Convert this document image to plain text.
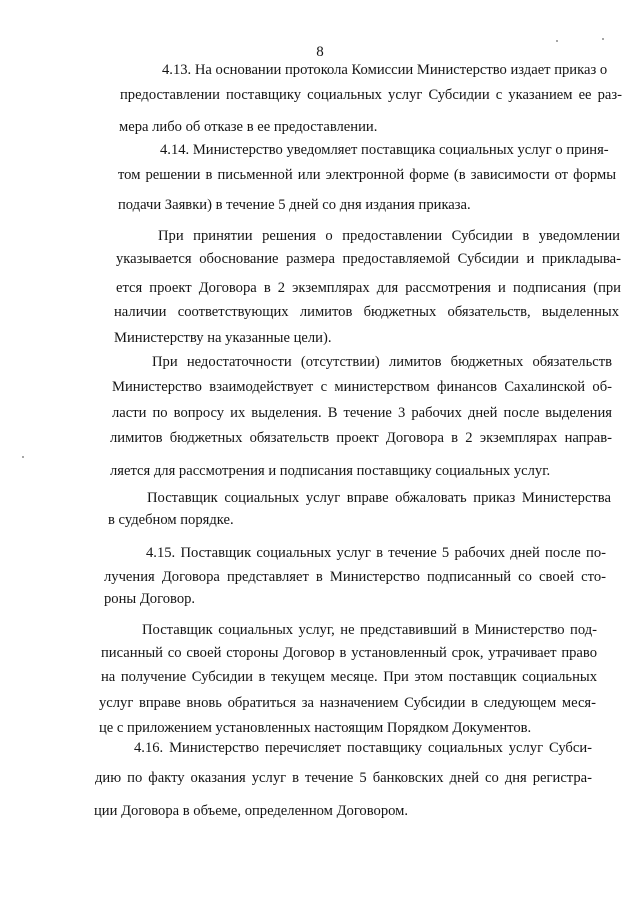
8
4.13. На основании протокола Комиссии Министерство издает приказ о
предоставлении поставщику социальных услуг Субсидии с указанием ее раз-
мера либо об отказе в ее предоставлении.
4.14. Министерство уведомляет поставщика социальных услуг о приня-
том решении в письменной или электронной форме (в зависимости от формы
подачи Заявки) в течение 5 дней со дня издания приказа.
При принятии решения о предоставлении Субсидии в уведомлении
указывается обоснование размера предоставляемой Субсидии и прикладыва-
ется проект Договора в 2 экземплярах для рассмотрения и подписания (при
наличии соответствующих лимитов бюджетных обязательств, выделенных
Министерству на указанные цели).
При недостаточности (отсутствии) лимитов бюджетных обязательств
Министерство взаимодействует с министерством финансов Сахалинской об-
ласти по вопросу их выделения. В течение 3 рабочих дней после выделения
лимитов бюджетных обязательств проект Договора в 2 экземплярах направ-
ляется для рассмотрения и подписания поставщику социальных услуг.
Поставщик социальных услуг вправе обжаловать приказ Министерства
в судебном порядке.
4.15. Поставщик социальных услуг в течение 5 рабочих дней после по-
лучения Договора представляет в Министерство подписанный со своей сто-
роны Договор.
Поставщик социальных услуг, не представивший в Министерство под-
писанный со своей стороны Договор в установленный срок, утрачивает право
на получение Субсидии в текущем месяце. При этом поставщик социальных
услуг вправе вновь обратиться за назначением Субсидии в следующем меся-
це с приложением установленных настоящим Порядком Документов.
4.16. Министерство перечисляет поставщику социальных услуг Субси-
дию по факту оказания услуг в течение 5 банковских дней со дня регистра-
ции Договора в объеме, определенном Договором.
